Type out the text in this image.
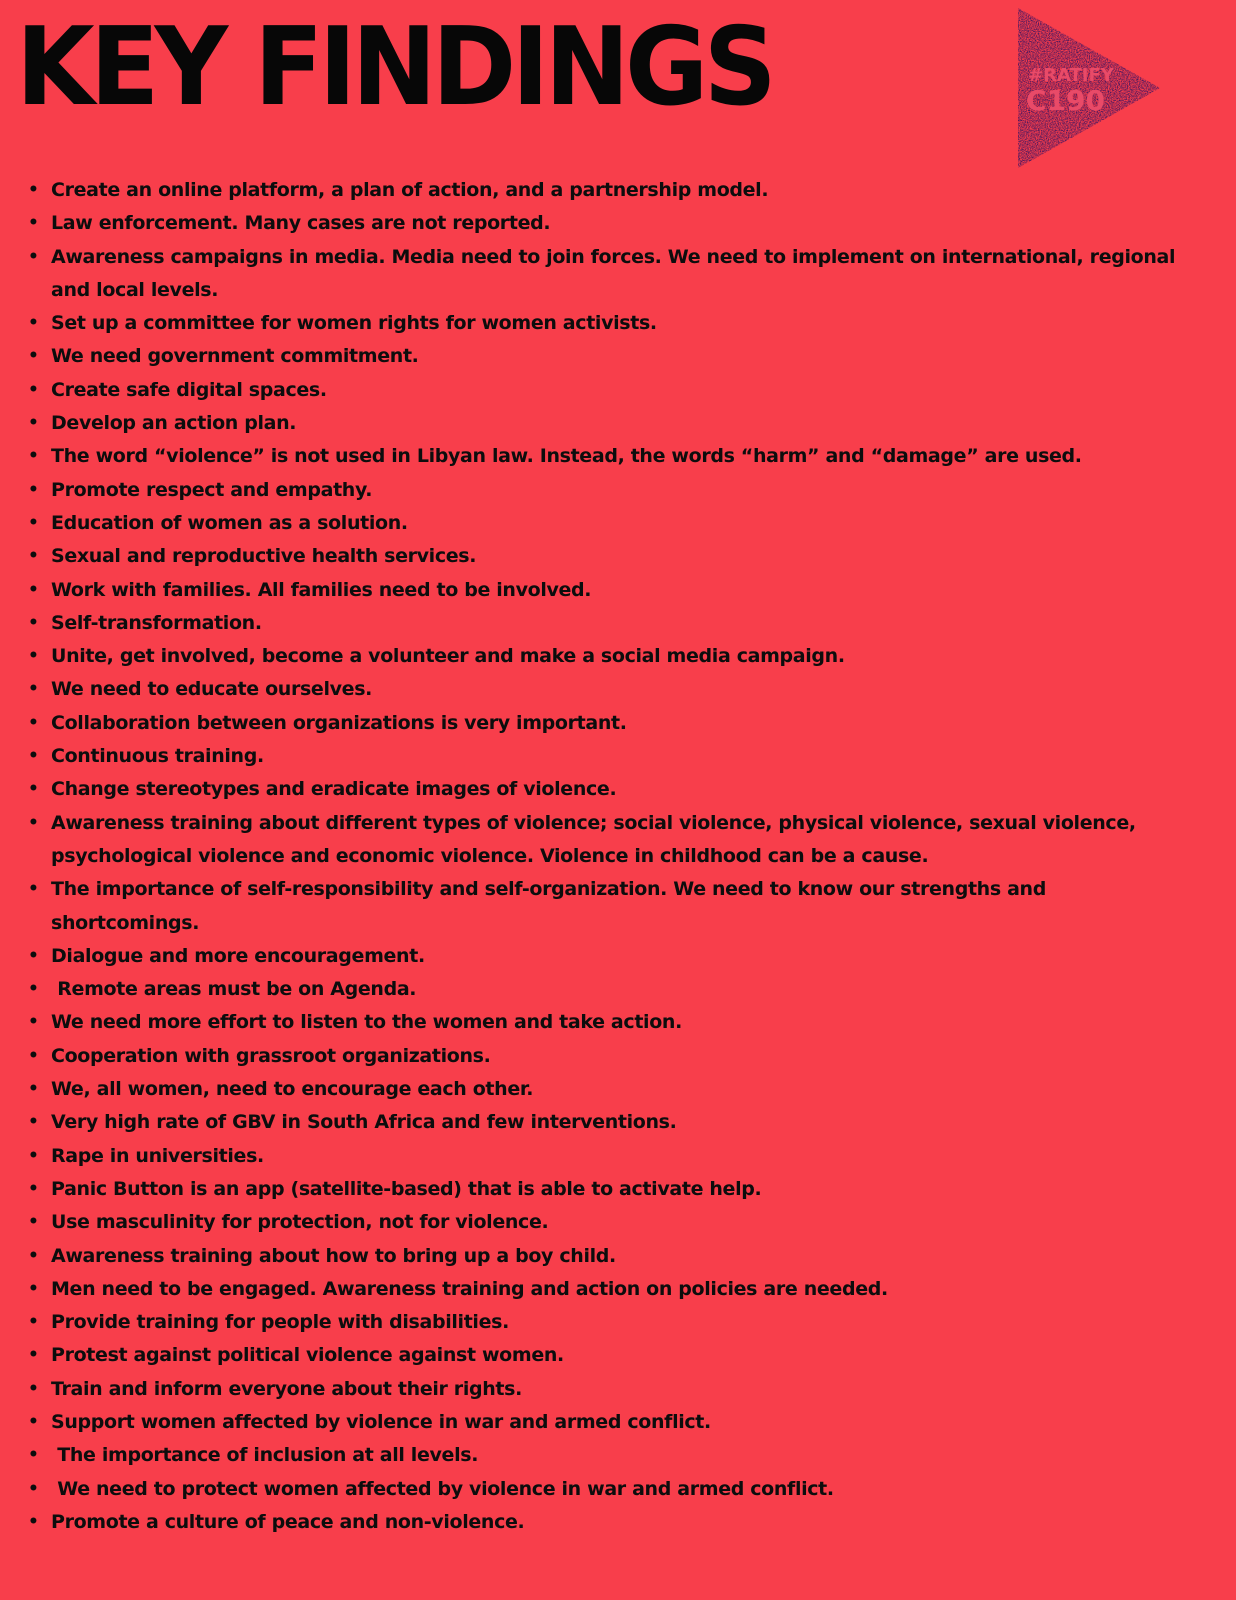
KEY FINDINGS	#RATIFY
C190
• Create an online platform, a plan of action, and a partnership model.
• Law enforcement. Many cases are not reported.
• Awareness campaigns in media. Media need to join forces. We need to implement on international, regional and local levels.
• Set up a committee for women rights for women activists.
• We need government commitment.
• Create safe digital spaces.
• Develop an action plan.
• The word “violence” is not used in Libyan law. Instead, the words “harm” and “damage” are used.
• Promote respect and empathy.
• Education of women as a solution.
• Sexual and reproductive health services.
• Work with families. All families need to be involved.
• Self-transformation.
• Unite, get involved, become a volunteer and make a social media campaign.
• We need to educate ourselves.
• Collaboration between organizations is very important.
• Continuous training.
• Change stereotypes and eradicate images of violence.
• Awareness training about different types of violence; social violence, physical violence, sexual violence, psychological violence and economic violence. Violence in childhood can be a cause.
• The importance of self-responsibility and self-organization. We need to know our strengths and shortcomings.
• Dialogue and more encouragement.
• Remote areas must be on Agenda.
• We need more effort to listen to the women and take action.
• Cooperation with grassroot organizations.
• We, all women, need to encourage each other.
• Very high rate of GBV in South Africa and few interventions.
• Rape in universities.
• Panic Button is an app (satellite-based) that is able to activate help.
• Use masculinity for protection, not for violence.
• Awareness training about how to bring up a boy child.
• Men need to be engaged. Awareness training and action on policies are needed.
• Provide training for people with disabilities.
• Protest against political violence against women.
• Train and inform everyone about their rights.
• Support women affected by violence in war and armed conflict.
• The importance of inclusion at all levels.
• We need to protect women affected by violence in war and armed conflict.
• Promote a culture of peace and non-violence.
